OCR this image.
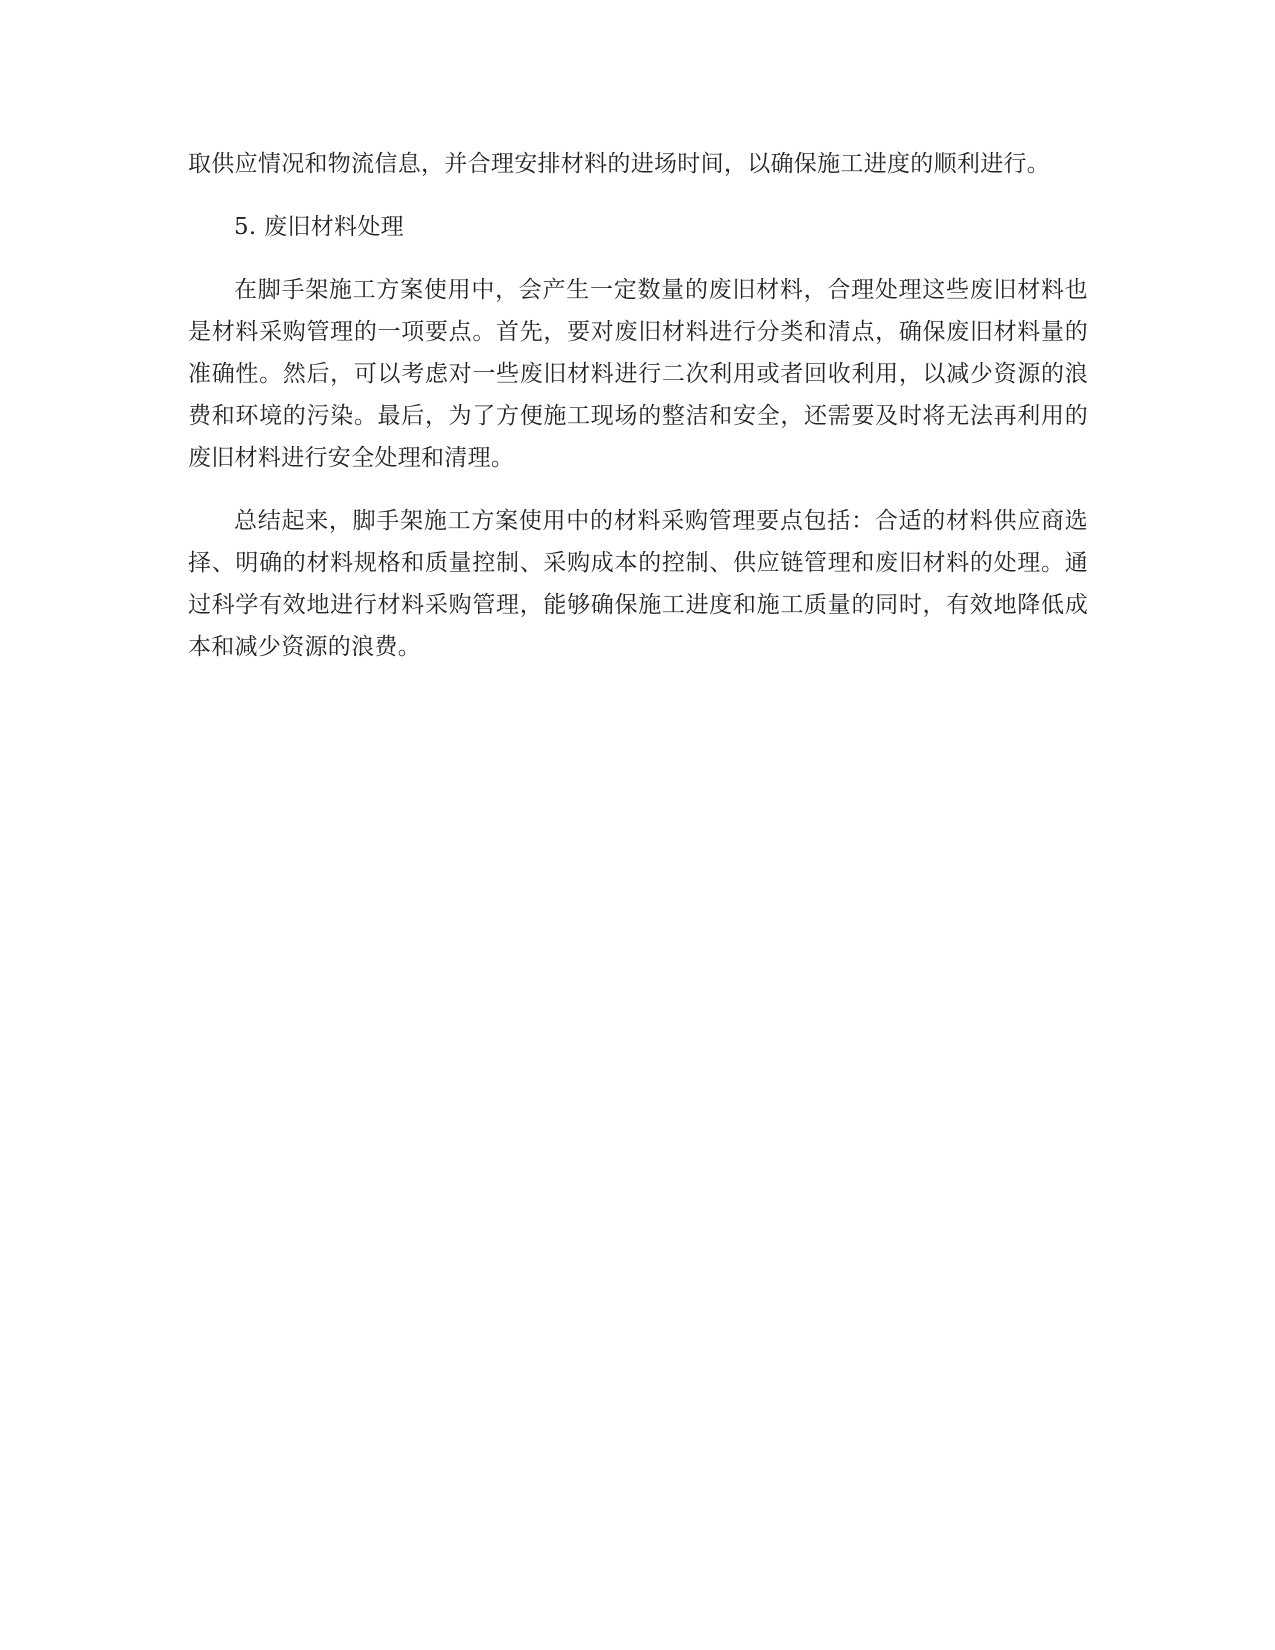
取供应情况和物流信息，并合理安排材料的进场时间，以确保施工进度的顺利进行。

5. 废旧材料处理

在脚手架施工方案使用中，会产生一定数量的废旧材料，合理处理这些废旧材料也是材料采购管理的一项要点。首先，要对废旧材料进行分类和清点，确保废旧材料量的准确性。然后，可以考虑对一些废旧材料进行二次利用或者回收利用，以减少资源的浪费和环境的污染。最后，为了方便施工现场的整洁和安全，还需要及时将无法再利用的废旧材料进行安全处理和清理。

总结起来，脚手架施工方案使用中的材料采购管理要点包括：合适的材料供应商选择、明确的材料规格和质量控制、采购成本的控制、供应链管理和废旧材料的处理。通过科学有效地进行材料采购管理，能够确保施工进度和施工质量的同时，有效地降低成本和减少资源的浪费。
